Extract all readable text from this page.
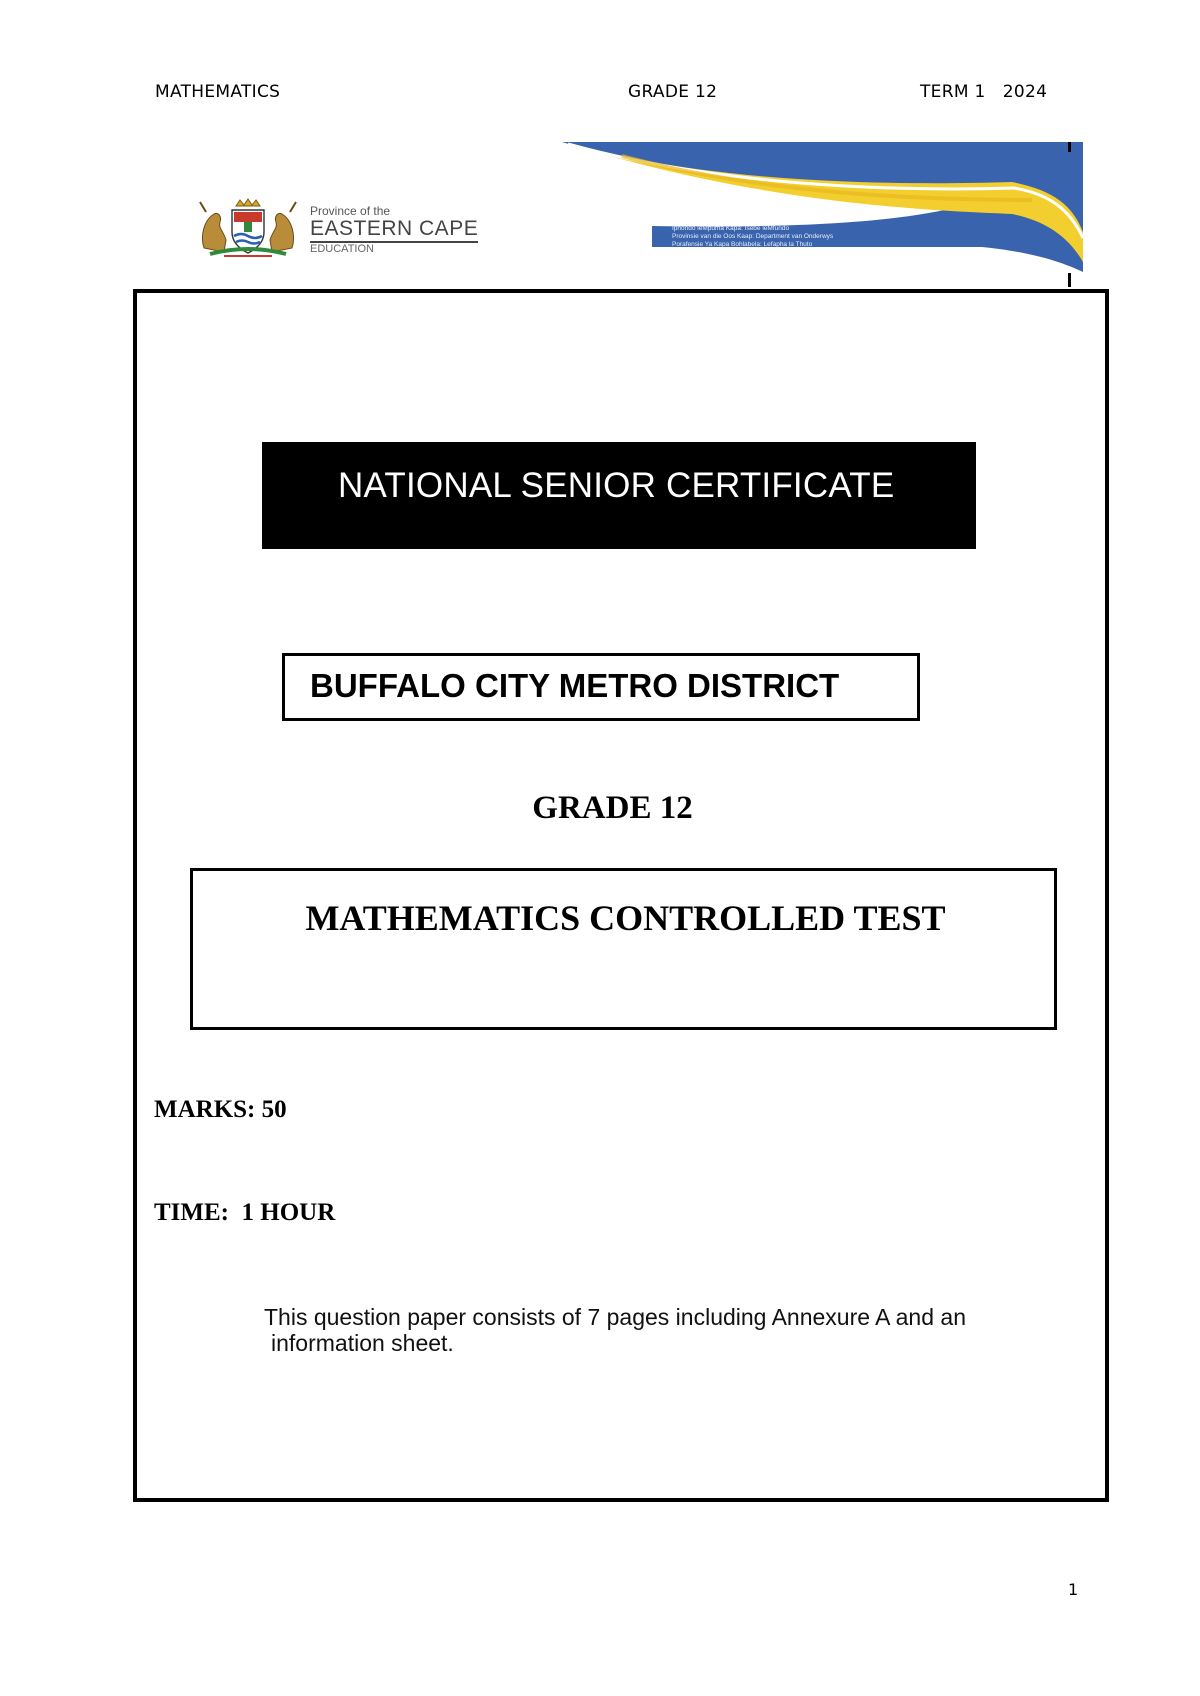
MATHEMATICS	GRADE 12	TERM 1   2024
Province of the
EASTERN CAPE
EDUCATION
Iphondo leMpuma Kapa: Isebe leMfundo
Provinsie van die Oos Kaap: Department van Onderwys
Porafensie Ya Kapa Bohlabela: Lefapha la Thuto
NATIONAL SENIOR CERTIFICATE
BUFFALO CITY METRO DISTRICT
GRADE 12
MATHEMATICS CONTROLLED TEST
MARKS: 50
TIME:  1 HOUR
This question paper consists of 7 pages including Annexure A and an
information sheet.
1
